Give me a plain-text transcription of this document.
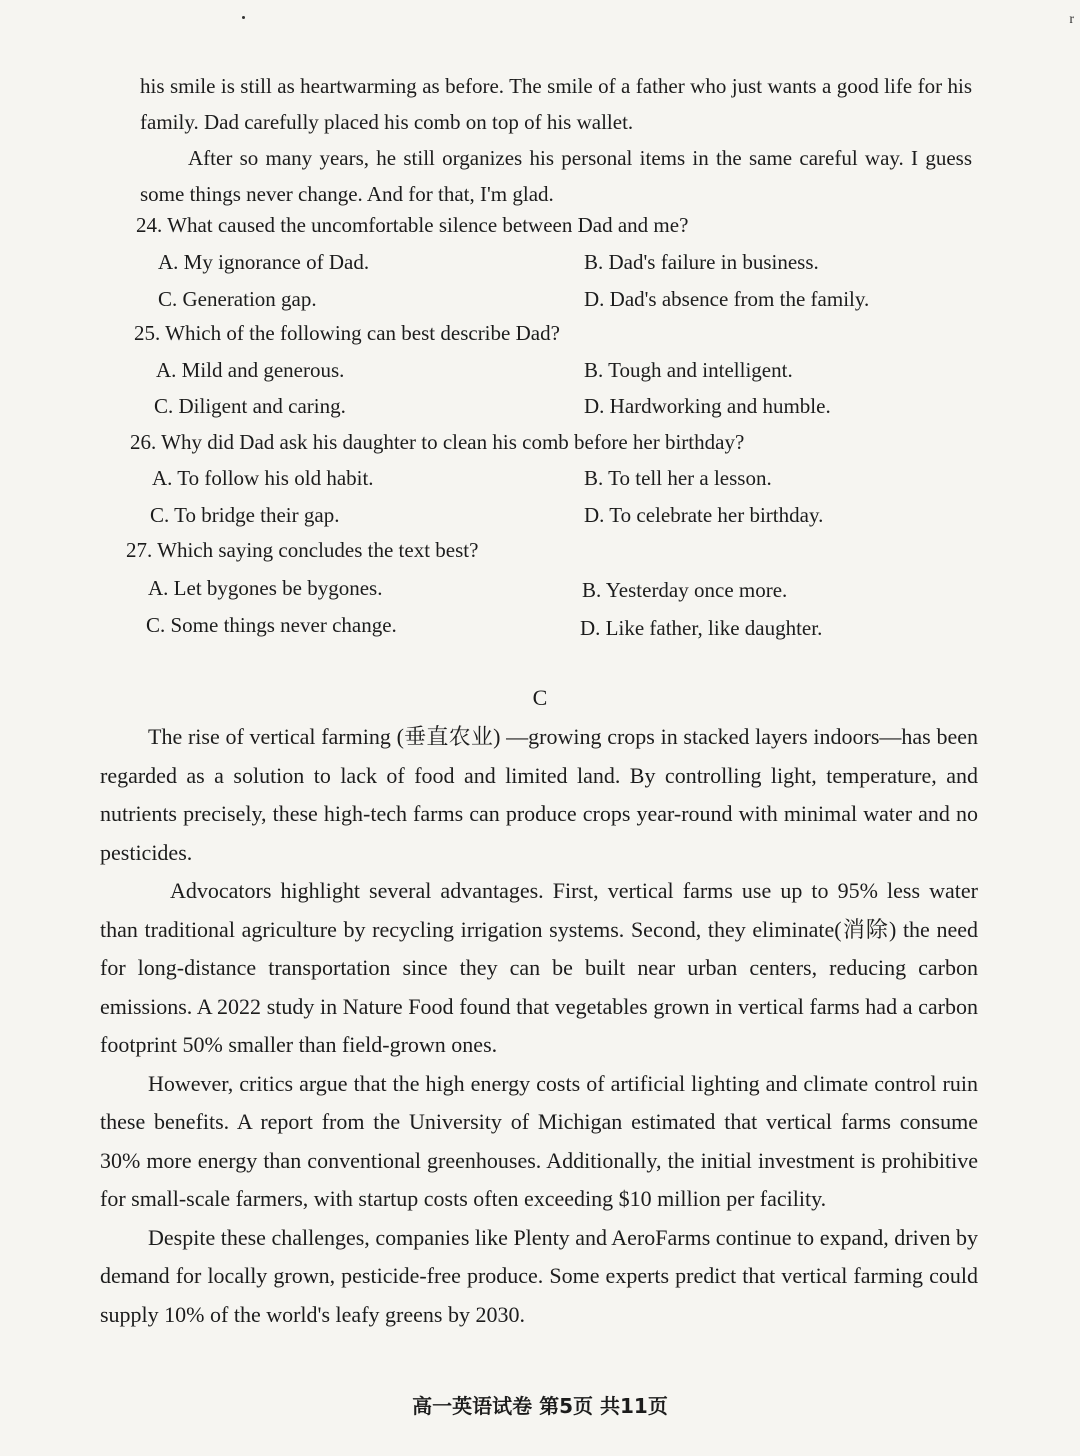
r

his smile is still as heartwarming as before. The smile of a father who just wants a good life for his family. Dad carefully placed his comb on top of his wallet.

After so many years, he still organizes his personal items in the same careful way. I guess some things never change. And for that, I'm glad.

24. What caused the uncomfortable silence between Dad and me?

A. My ignorance of Dad.	B. Dad's failure in business.

C. Generation gap.	D. Dad's absence from the family.

25. Which of the following can best describe Dad?

A. Mild and generous.	B. Tough and intelligent.

C. Diligent and caring.	D. Hardworking and humble.

26. Why did Dad ask his daughter to clean his comb before her birthday?

A. To follow his old habit.	B. To tell her a lesson.

C. To bridge their gap.	D. To celebrate her birthday.

27. Which saying concludes the text best?

A. Let bygones be bygones.	B. Yesterday once more.

C. Some things never change.	D. Like father, like daughter.

C

The rise of vertical farming (垂直农业) —growing crops in stacked layers indoors—has been regarded as a solution to lack of food and limited land. By controlling light, temperature, and nutrients precisely, these high-tech farms can produce crops year-round with minimal water and no pesticides.

Advocators highlight several advantages. First, vertical farms use up to 95% less water than traditional agriculture by recycling irrigation systems. Second, they eliminate(消除) the need for long-distance transportation since they can be built near urban centers, reducing carbon emissions. A 2022 study in Nature Food found that vegetables grown in vertical farms had a carbon footprint 50% smaller than field-grown ones.

However, critics argue that the high energy costs of artificial lighting and climate control ruin these benefits. A report from the University of Michigan estimated that vertical farms consume 30% more energy than conventional greenhouses. Additionally, the initial investment is prohibitive for small-scale farmers, with startup costs often exceeding $10 million per facility.

Despite these challenges, companies like Plenty and AeroFarms continue to expand, driven by demand for locally grown, pesticide-free produce. Some experts predict that vertical farming could supply 10% of the world's leafy greens by 2030.

高一英语试卷 第5页 共11页
